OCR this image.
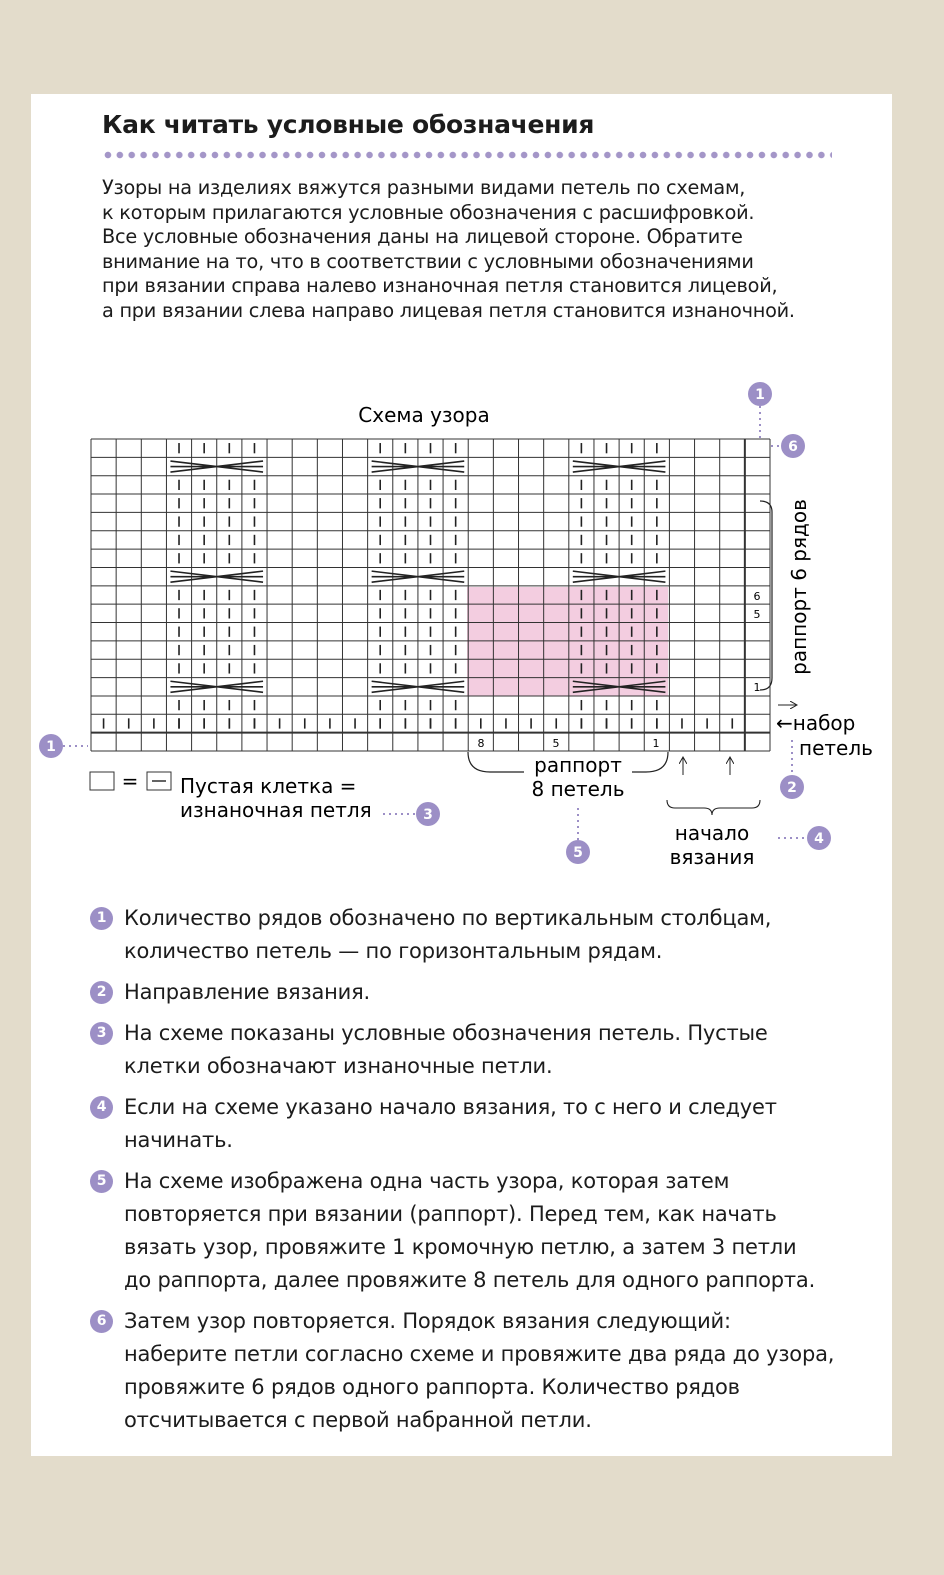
Как читать условные обозначения

Узоры на изделиях вяжутся разными видами петель по схемам,
к которым прилагаются условные обозначения с расшифровкой.
Все условные обозначения даны на лицевой стороне. Обратите
внимание на то, что в соответствии с условными обозначениями
при вязании справа налево изнаночная петля становится лицевой,
а при вязании слева направо лицевая петля становится изнаночной.

Схема узора
6
5
1
8	5	1
раппорт 6 рядов
←набор
петель
раппорт
8 петель
начало
вязания
= Пустая клетка =
изнаночная петля
1
6
1
2
3
4
5
1 Количество рядов обозначено по вертикальным столбцам,
количество петель — по горизонтальным рядам.
2 Направление вязания.
3 На схеме показаны условные обозначения петель. Пустые
клетки обозначают изнаночные петли.
4 Если на схеме указано начало вязания, то с него и следует
начинать.
5 На схеме изображена одна часть узора, которая затем
повторяется при вязании (раппорт). Перед тем, как начать
вязать узор, провяжите 1 кромочную петлю, а затем 3 петли
до раппорта, далее провяжите 8 петель для одного раппорта.
6 Затем узор повторяется. Порядок вязания следующий:
наберите петли согласно схеме и провяжите два ряда до узора,
провяжите 6 рядов одного раппорта. Количество рядов
отсчитывается с первой набранной петли.
